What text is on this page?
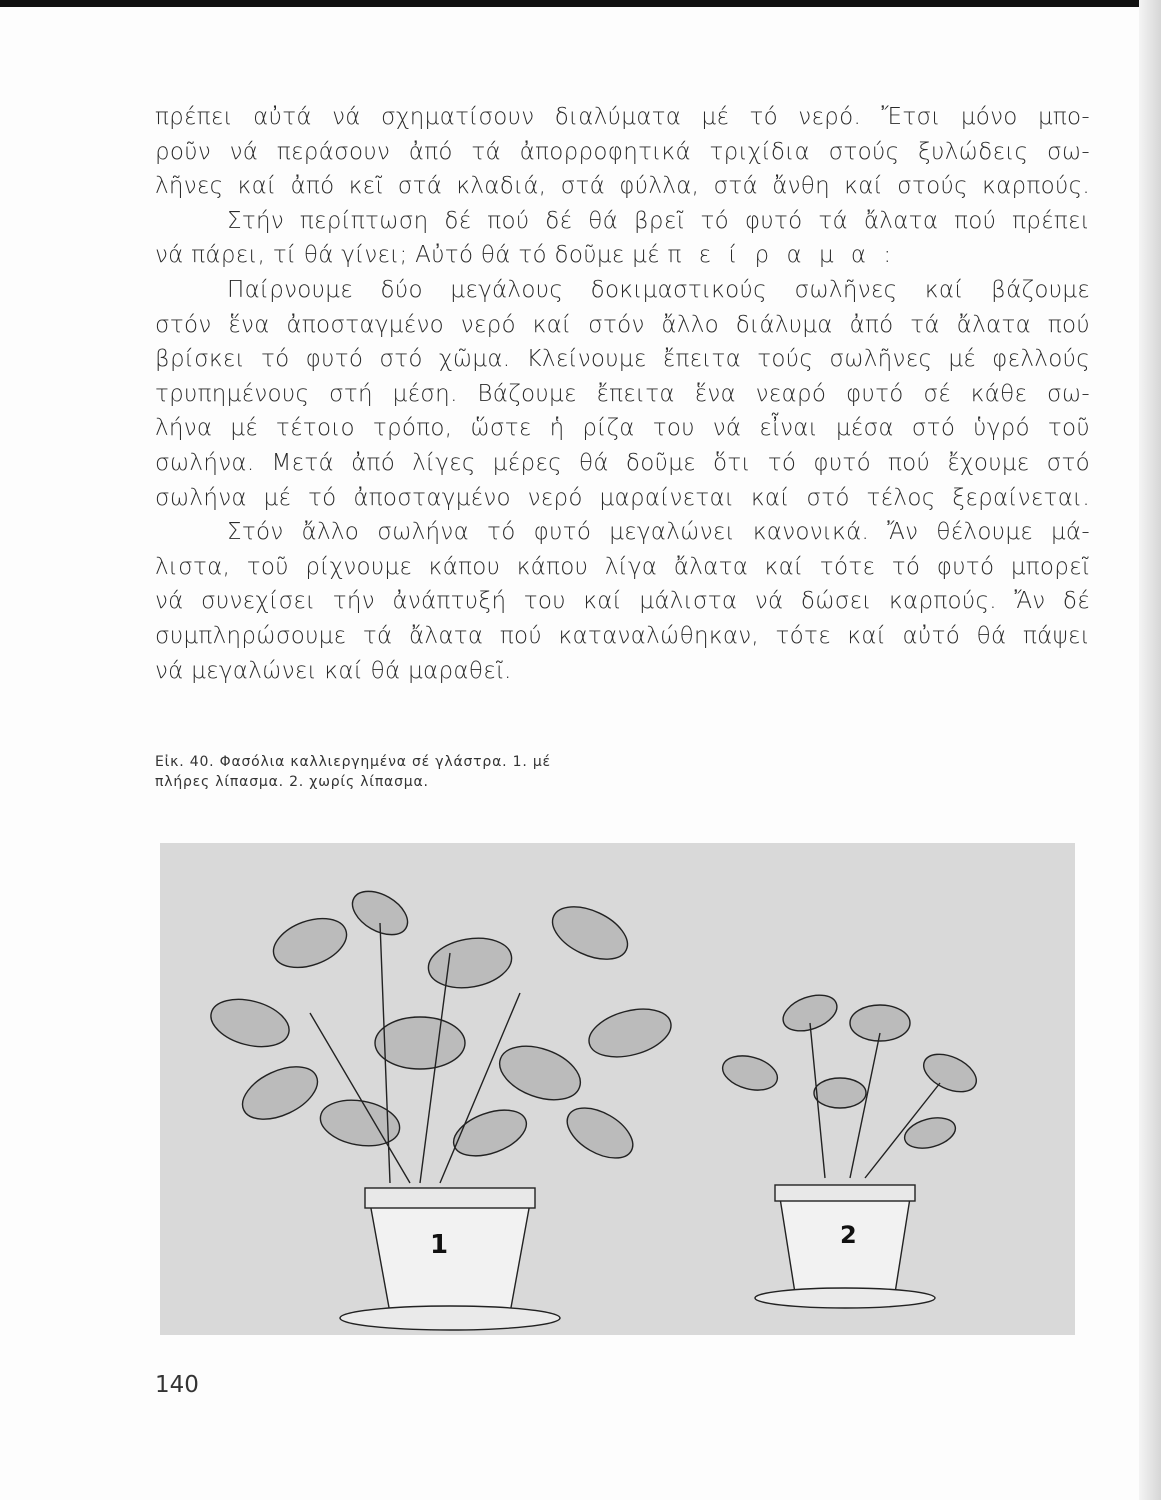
πρέπει αὐτά νά σχηματίσουν διαλύματα μέ τό νερό. Ἔτσι μόνο μπο-
ροῦν νά περάσουν ἀπό τά ἀπορροφητικά τριχίδια στούς ξυλώδεις σω-
λῆνες καί ἀπό κεῖ στά κλαδιά, στά φύλλα, στά ἄνθη καί στούς καρπούς.
Στήν περίπτωση δέ πού δέ θά βρεῖ τό φυτό τά ἄλατα πού πρέπει
νά πάρει, τί θά γίνει; Αὐτό θά τό δοῦμε μέ π ε ί ρ α μ α :
Παίρνουμε δύο μεγάλους δοκιμαστικούς σωλῆνες καί βάζουμε
στόν ἕνα ἀποσταγμένο νερό καί στόν ἄλλο διάλυμα ἀπό τά ἄλατα πού
βρίσκει τό φυτό στό χῶμα. Κλείνουμε ἔπειτα τούς σωλῆνες μέ φελλούς
τρυπημένους στή μέση. Βάζουμε ἔπειτα ἕνα νεαρό φυτό σέ κάθε σω-
λήνα μέ τέτοιο τρόπο, ὥστε ἡ ρίζα του νά εἶναι μέσα στό ὑγρό τοῦ
σωλήνα. Μετά ἀπό λίγες μέρες θά δοῦμε ὅτι τό φυτό πού ἔχουμε στό
σωλήνα μέ τό ἀποσταγμένο νερό μαραίνεται καί στό τέλος ξεραίνεται.
Στόν ἄλλο σωλήνα τό φυτό μεγαλώνει κανονικά. Ἄν θέλουμε μά-
λιστα, τοῦ ρίχνουμε κάπου κάπου λίγα ἄλατα καί τότε τό φυτό μπορεῖ
νά συνεχίσει τήν ἀνάπτυξή του καί μάλιστα νά δώσει καρπούς. Ἄν δέ
συμπληρώσουμε τά ἄλατα πού καταναλώθηκαν, τότε καί αὐτό θά πάψει
νά μεγαλώνει καί θά μαραθεῖ.
Εἰκ. 40. Φασόλια καλλιεργημένα σέ γλάστρα. 1. μέ
πλήρες λίπασμα. 2. χωρίς λίπασμα.
1	2
140
